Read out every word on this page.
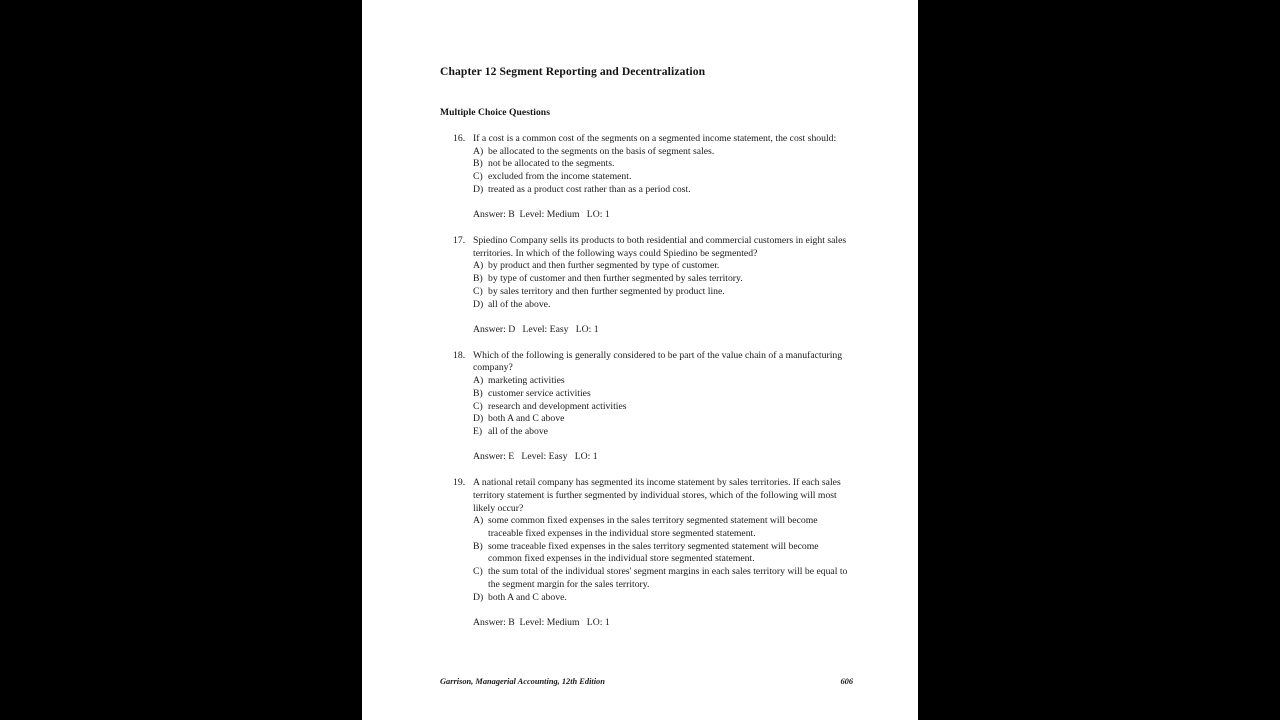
Chapter 12 Segment Reporting and Decentralization
Multiple Choice Questions
16. If a cost is a common cost of the segments on a segmented income statement, the cost should:
A) be allocated to the segments on the basis of segment sales.
B) not be allocated to the segments.
C) excluded from the income statement.
D) treated as a product cost rather than as a period cost.
Answer: B  Level: Medium   LO: 1
17. Spiedino Company sells its products to both residential and commercial customers in eight sales territories. In which of the following ways could Spiedino be segmented?
A) by product and then further segmented by type of customer.
B) by type of customer and then further segmented by sales territory.
C) by sales territory and then further segmented by product line.
D) all of the above.
Answer: D   Level: Easy   LO: 1
18. Which of the following is generally considered to be part of the value chain of a manufacturing company?
A) marketing activities
B) customer service activities
C) research and development activities
D) both A and C above
E) all of the above
Answer: E   Level: Easy   LO: 1
19. A national retail company has segmented its income statement by sales territories. If each sales territory statement is further segmented by individual stores, which of the following will most likely occur?
A) some common fixed expenses in the sales territory segmented statement will become traceable fixed expenses in the individual store segmented statement.
B) some traceable fixed expenses in the sales territory segmented statement will become common fixed expenses in the individual store segmented statement.
C) the sum total of the individual stores' segment margins in each sales territory will be equal to the segment margin for the sales territory.
D) both A and C above.
Answer: B  Level: Medium   LO: 1
Garrison, Managerial Accounting, 12th Edition	606
